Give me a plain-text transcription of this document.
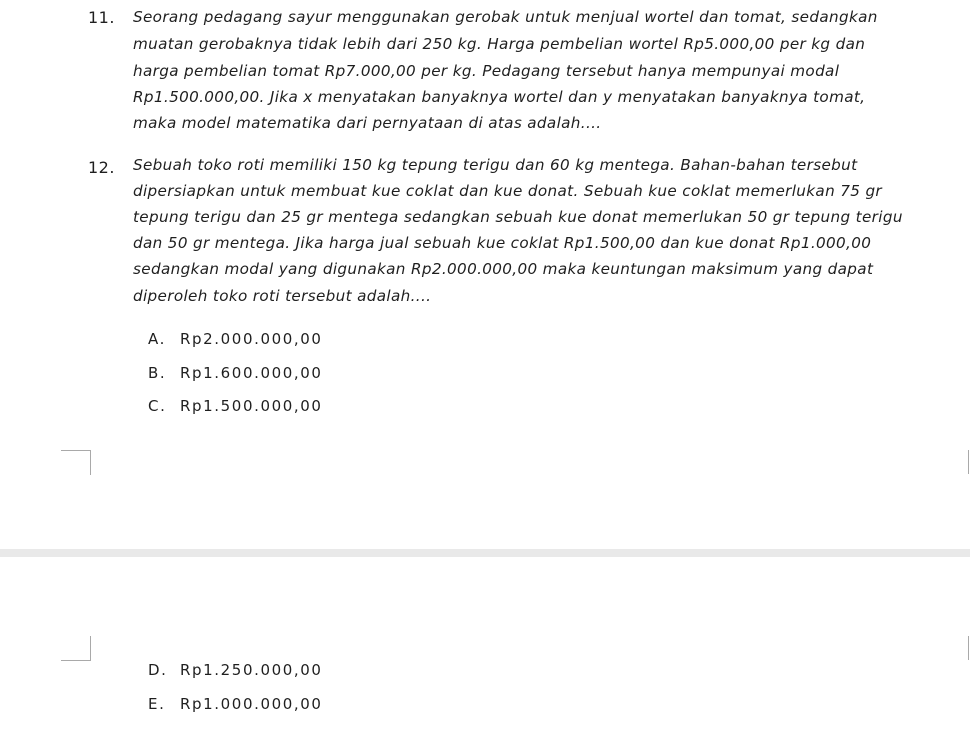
11. Seorang pedagang sayur menggunakan gerobak untuk menjual wortel dan tomat, sedangkan
muatan gerobaknya tidak lebih dari 250 kg. Harga pembelian wortel Rp5.000,00 per kg dan
harga pembelian tomat Rp7.000,00 per kg. Pedagang tersebut hanya mempunyai modal
Rp1.500.000,00. Jika x menyatakan banyaknya wortel dan y menyatakan banyaknya tomat,
maka model matematika dari pernyataan di atas adalah....
12. Sebuah toko roti memiliki 150 kg tepung terigu dan 60 kg mentega. Bahan-bahan tersebut
dipersiapkan untuk membuat kue coklat dan kue donat. Sebuah kue coklat memerlukan 75 gr
tepung terigu dan 25 gr mentega sedangkan sebuah kue donat memerlukan 50 gr tepung terigu
dan 50 gr mentega. Jika harga jual sebuah kue coklat Rp1.500,00 dan kue donat Rp1.000,00
sedangkan modal yang digunakan Rp2.000.000,00 maka keuntungan maksimum yang dapat
diperoleh toko roti tersebut adalah....
A. Rp2.000.000,00
B. Rp1.600.000,00
C. Rp1.500.000,00
D. Rp1.250.000,00
E. Rp1.000.000,00
